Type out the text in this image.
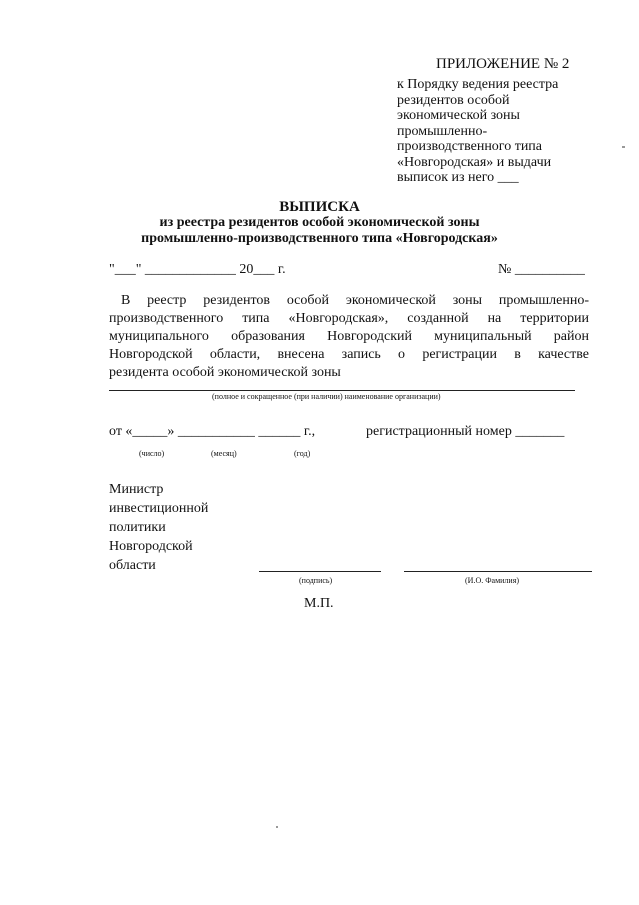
ПРИЛОЖЕНИЕ № 2
к Порядку ведения реестра
резидентов особой
экономической зоны
промышленно-
производственного типа
«Новгородская» и выдачи
выписок из него ___
ВЫПИСКА
из реестра резидентов особой экономической зоны
промышленно-производственного типа «Новгородская»
"___" _____________ 20___ г.	№ __________
В реестр резидентов особой экономической зоны промышленно-
производственного типа «Новгородская», созданной на территории
муниципального образования Новгородский муниципальный район
Новгородской области, внесена запись о регистрации в качестве
резидента особой экономической зоны
(полное и сокращенное (при наличии) наименование организации)
от «_____» ___________ ______ г.,	регистрационный номер _______
(число)	(месяц)	(год)
Министр
инвестиционной
политики
Новгородской
области
(подпись)	(И.О. Фамилия)
М.П.
